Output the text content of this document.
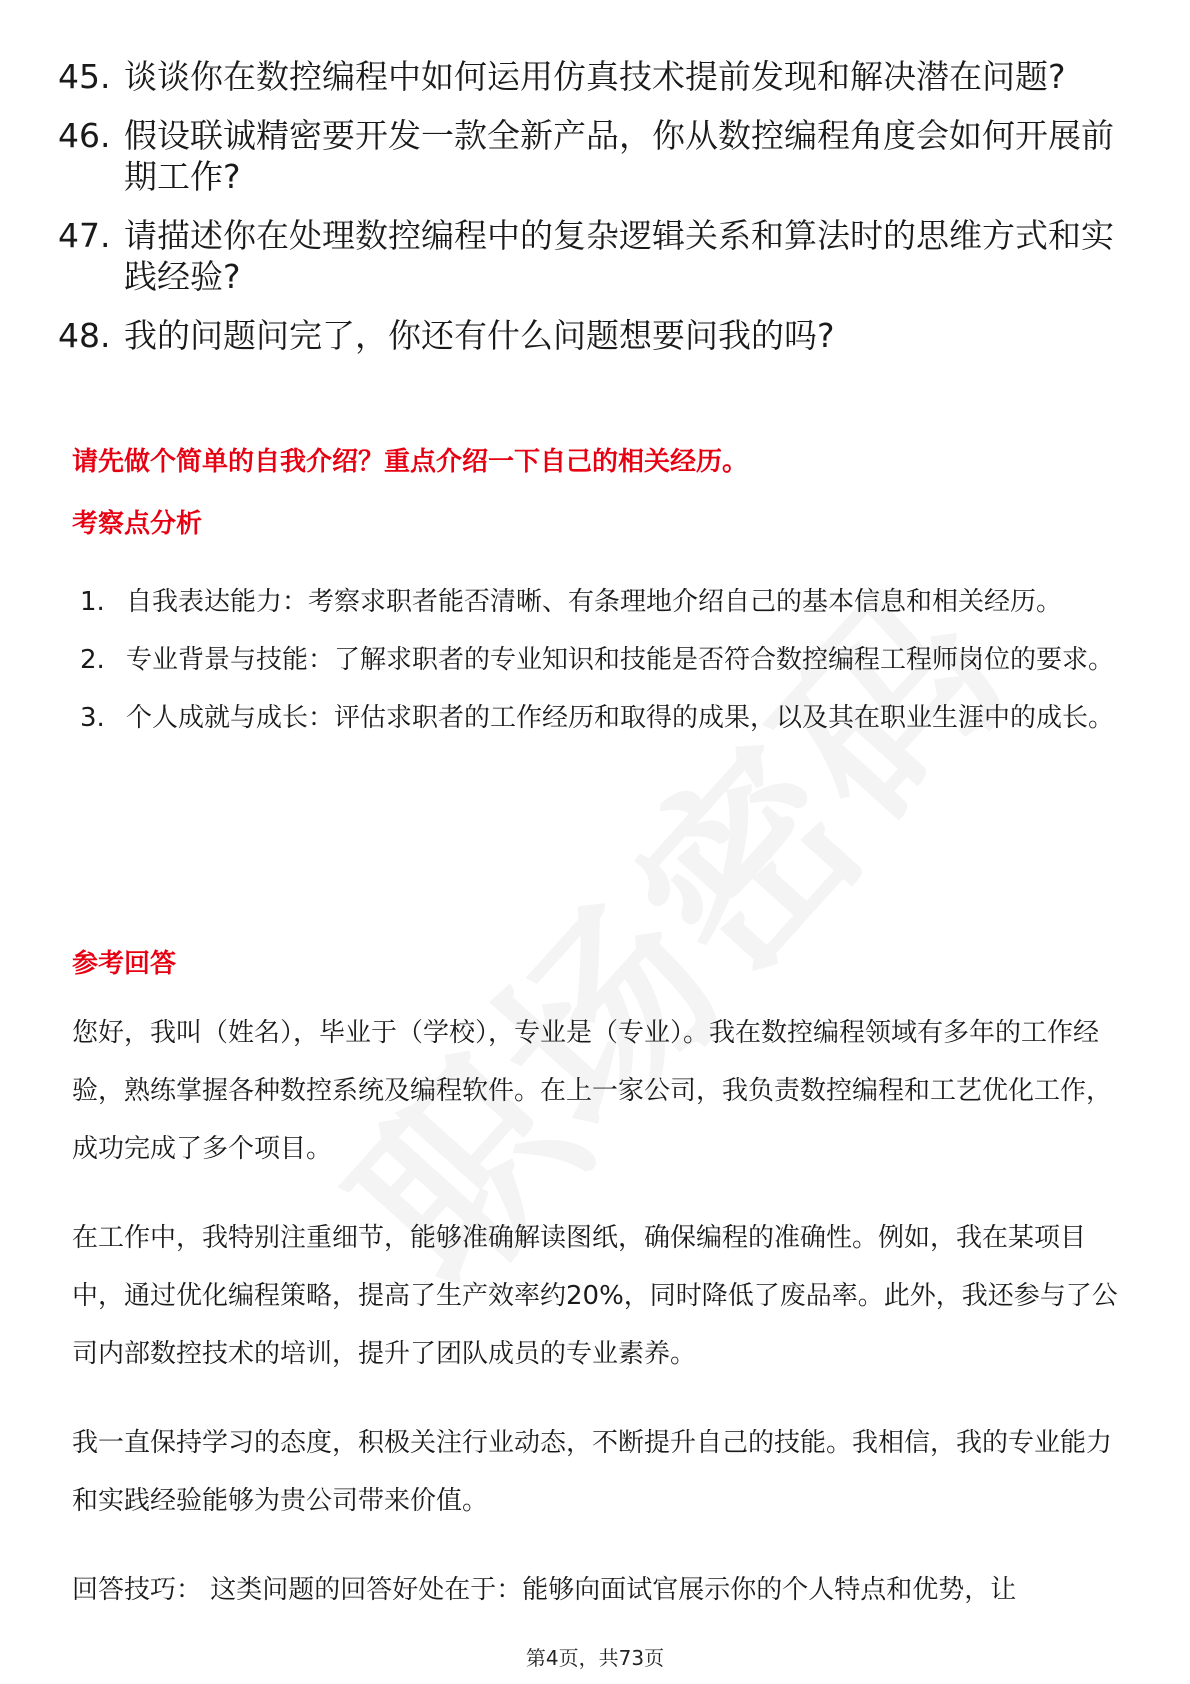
45. 谈谈你在数控编程中如何运用仿真技术提前发现和解决潜在问题?
46. 假设联诚精密要开发一款全新产品，你从数控编程角度会如何开展前期工作?
47. 请描述你在处理数控编程中的复杂逻辑关系和算法时的思维方式和实践经验?
48. 我的问题问完了，你还有什么问题想要问我的吗?
请先做个简单的自我介绍？重点介绍一下自己的相关经历。
考察点分析
1. 自我表达能力：考察求职者能否清晰、有条理地介绍自己的基本信息和相关经历。
2. 专业背景与技能：了解求职者的专业知识和技能是否符合数控编程工程师岗位的要求。
3. 个人成就与成长：评估求职者的工作经历和取得的成果，以及其在职业生涯中的成长。
参考回答

您好，我叫（姓名），毕业于（学校），专业是（专业）。我在数控编程领域有多年的工作经验，熟练掌握各种数控系统及编程软件。在上一家公司，我负责数控编程和工艺优化工作，成功完成了多个项目。

在工作中，我特别注重细节，能够准确解读图纸，确保编程的准确性。例如，我在某项目中，通过优化编程策略，提高了生产效率约20%，同时降低了废品率。此外，我还参与了公司内部数控技术的培训，提升了团队成员的专业素养。

我一直保持学习的态度，积极关注行业动态，不断提升自己的技能。我相信，我的专业能力和实践经验能够为贵公司带来价值。

回答技巧： 这类问题的回答好处在于：能够向面试官展示你的个人特点和优势，让

第4页，共73页
